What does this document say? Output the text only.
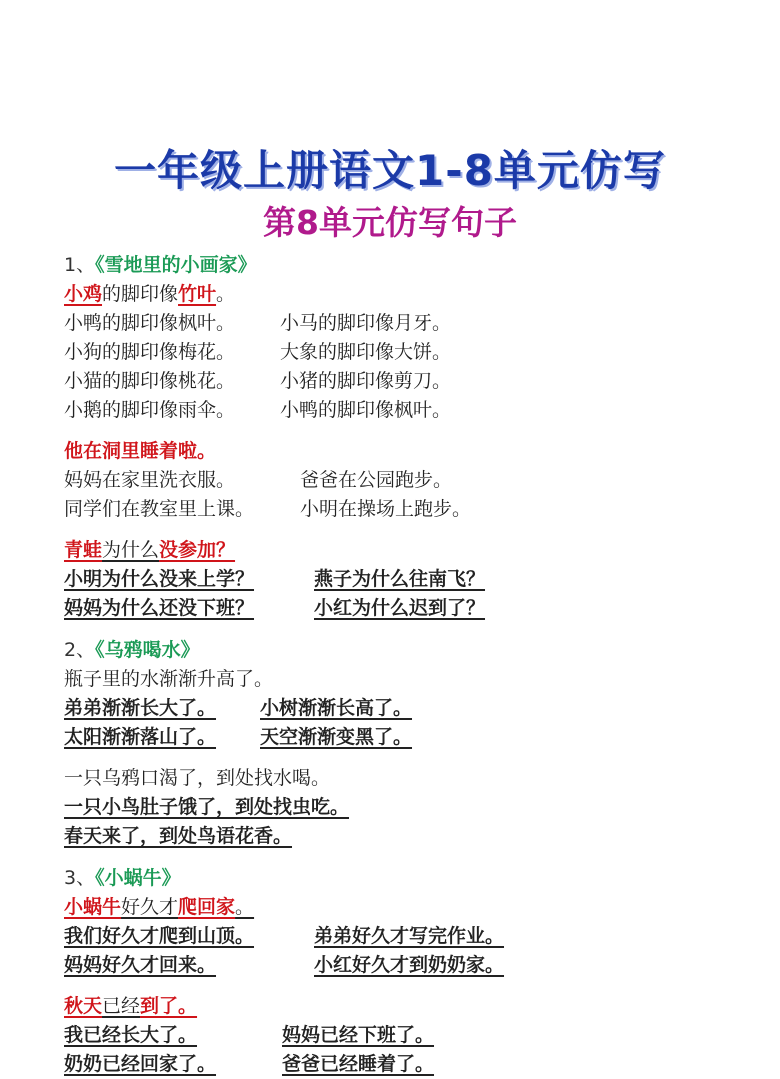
一年级上册语文1-8单元仿写
第8单元仿写句子
1、《雪地里的小画家》
小鸡的脚印像竹叶。
小鸭的脚印像枫叶。 小马的脚印像月牙。
小狗的脚印像梅花。 大象的脚印像大饼。
小猫的脚印像桃花。 小猪的脚印像剪刀。
小鹅的脚印像雨伞。 小鸭的脚印像枫叶。
他在洞里睡着啦。
妈妈在家里洗衣服。	爸爸在公园跑步。
同学们在教室里上课。 小明在操场上跑步。
青蛙为什么没参加？
小明为什么没来上学？	燕子为什么往南飞？
妈妈为什么还没下班？	小红为什么迟到了？
2、《乌鸦喝水》
瓶子里的水渐渐升高了。
弟弟渐渐长大了。 小树渐渐长高了。
太阳渐渐落山了。 天空渐渐变黑了。
一只乌鸦口渴了，到处找水喝。
一只小鸟肚子饿了，到处找虫吃。
春天来了，到处鸟语花香。
3、《小蜗牛》
小蜗牛好久才爬回家。
我们好久才爬到山顶。	弟弟好久才写完作业。
妈妈好久才回来。	小红好久才到奶奶家。
秋天已经到了。
我已经长大了。	妈妈已经下班了。
奶奶已经回家了。	爸爸已经睡着了。
